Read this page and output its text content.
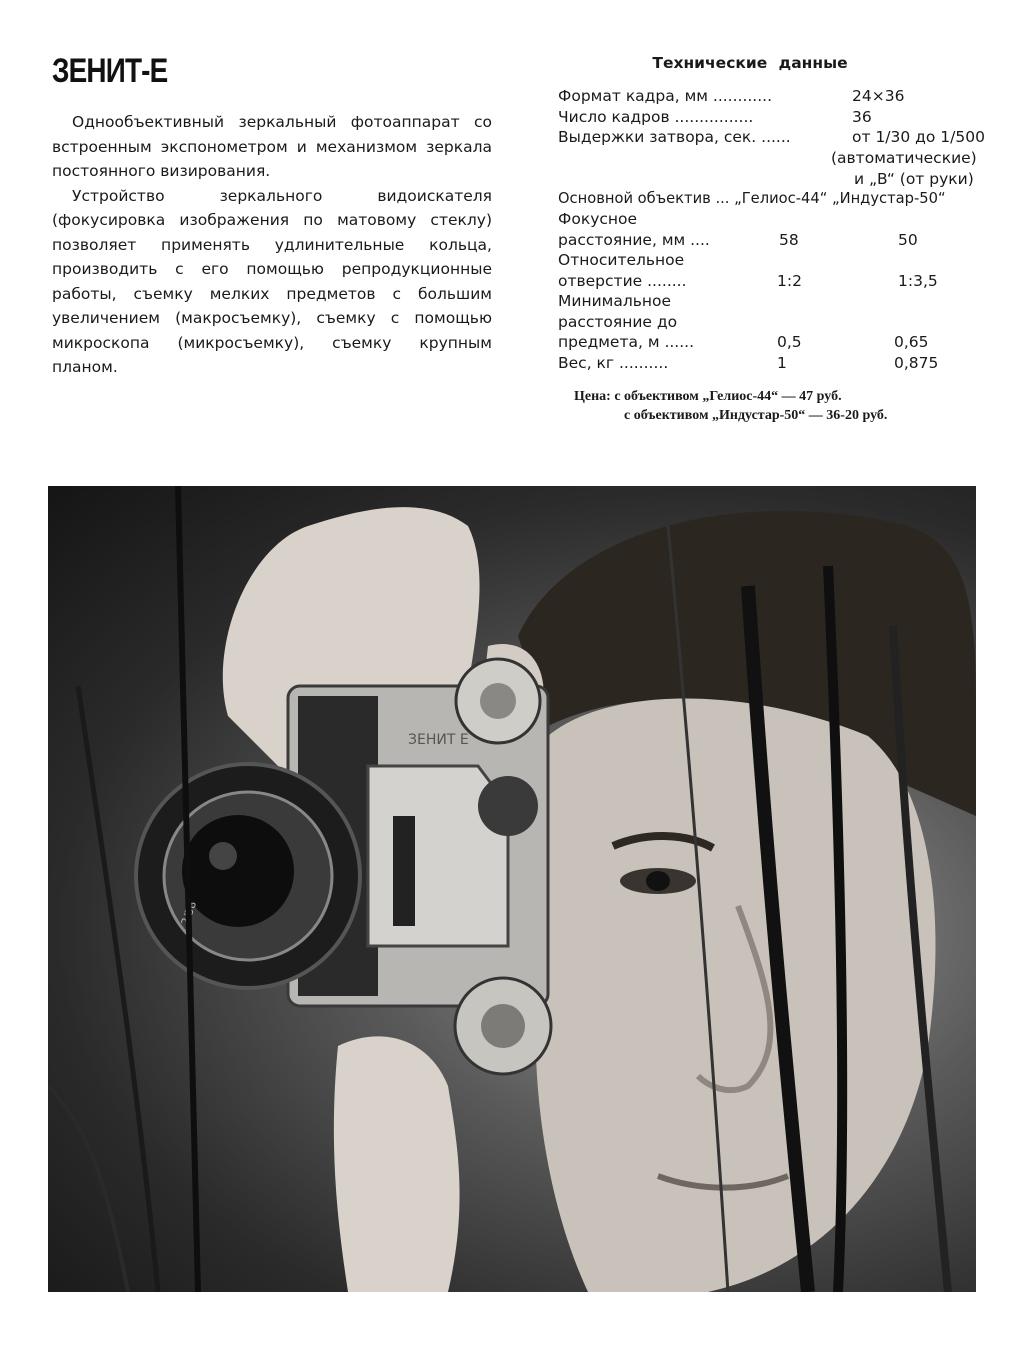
ЗЕНИТ-Е

Однообъективный зеркальный фотоаппарат со встроенным экспонометром и механизмом зеркала постоянного визирования.

Устройство зеркального видоискателя (фокусировка изображения по матовому стеклу) позволяет применять удлинительные кольца, производить с его помощью репродукционные работы, съемку мелких предметов с большим увеличением (макросъемку), съемку с помощью микроскопа (микросъемку), съемку крупным планом.

Технические данные
Формат кадра, мм ............	24×36
Число кадров ................	36
Выдержки затвора, сек. ......	от 1/30 до 1/500
(автоматические)
и „B“ (от руки)
Основной объектив ... „Гелиос-44“ „Индустар-50“
Фокусное
расстояние, мм ....	58	50
Относительное
отверстие ........	1:2	1:3,5
Минимальное
расстояние до
предмета, м ......	0,5	0,65
Вес, кг ..........	1	0,875
Цена: с объективом „Гелиос-44“ — 47 руб.
с объективом „Индустар-50“ — 36-20 руб.
ЗЕНИТ Е
